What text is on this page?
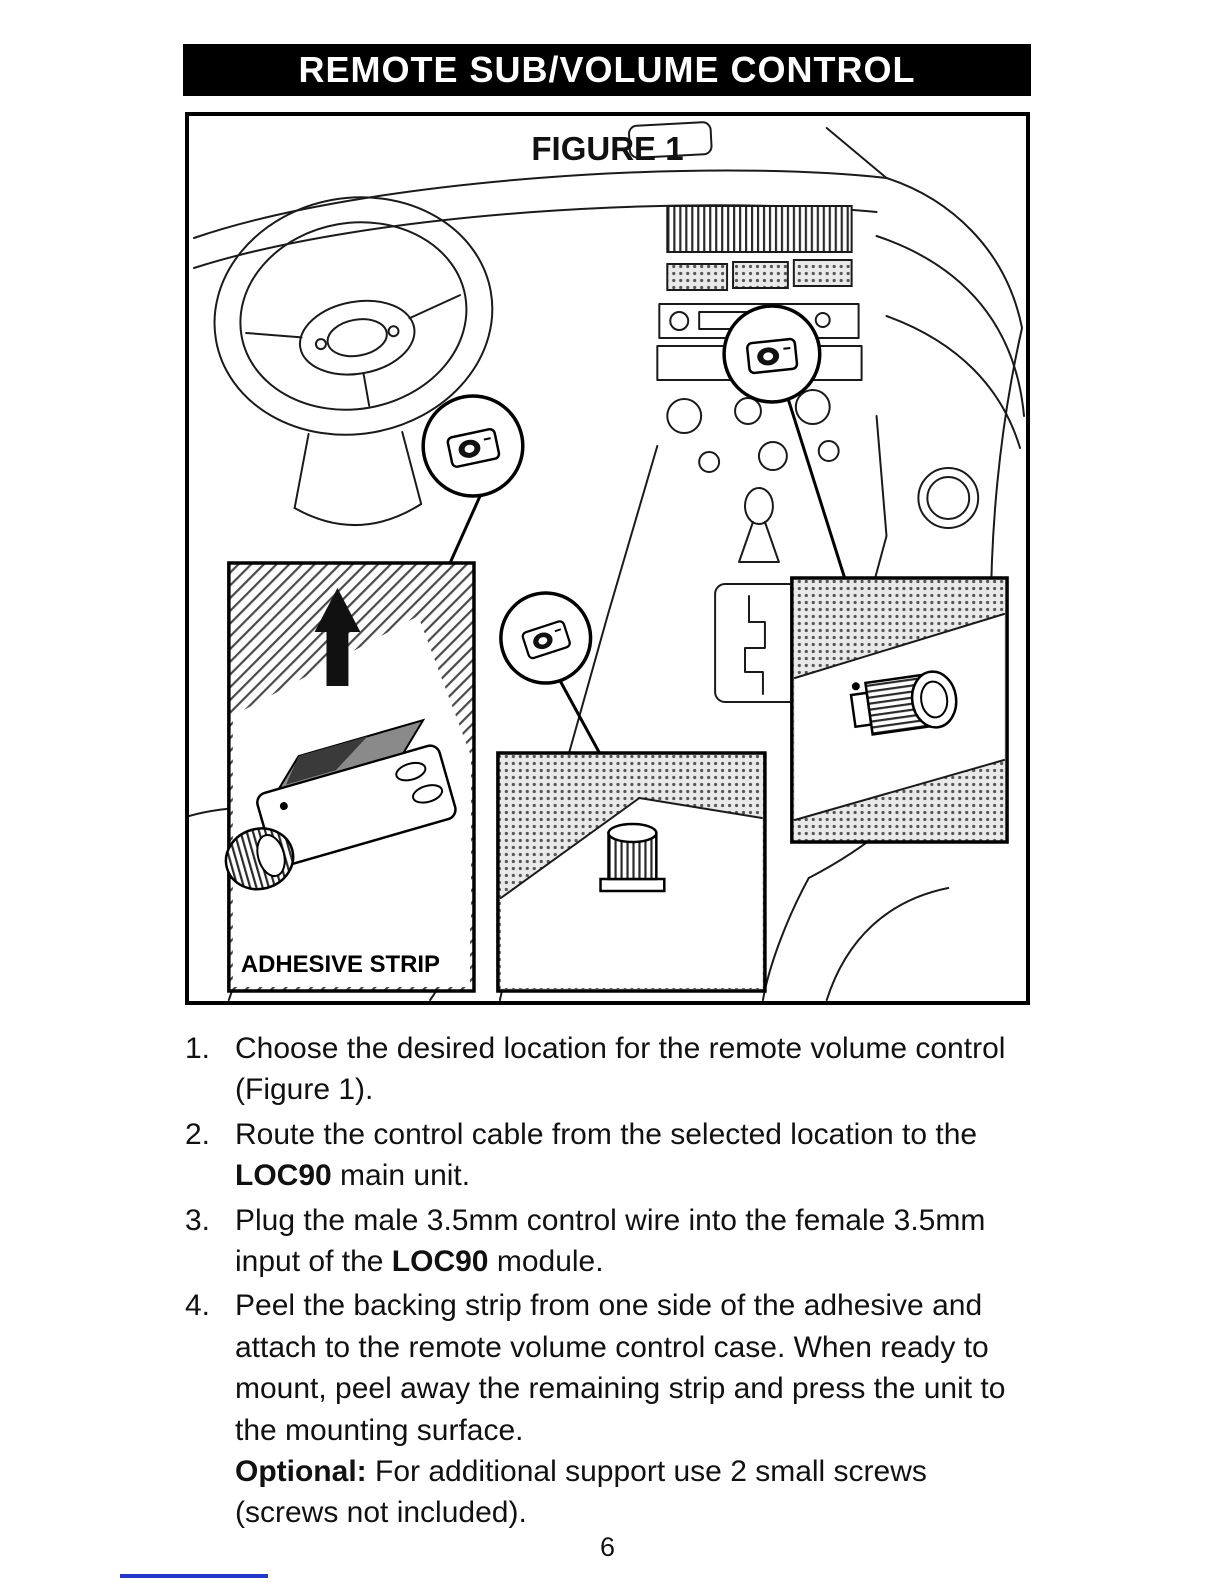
REMOTE SUB/VOLUME CONTROL
FIGURE 1
ADHESIVE STRIP
1. Choose the desired location for the remote volume control (Figure 1).
2. Route the control cable from the selected location to the LOC90 main unit.
3. Plug the male 3.5mm control wire into the female 3.5mm input of the LOC90 module.
4. Peel the backing strip from one side of the adhesive and attach to the remote volume control case. When ready to mount, peel away the remaining strip and press the unit to the mounting surface.
Optional: For additional support use 2 small screws (screws not included).
6
